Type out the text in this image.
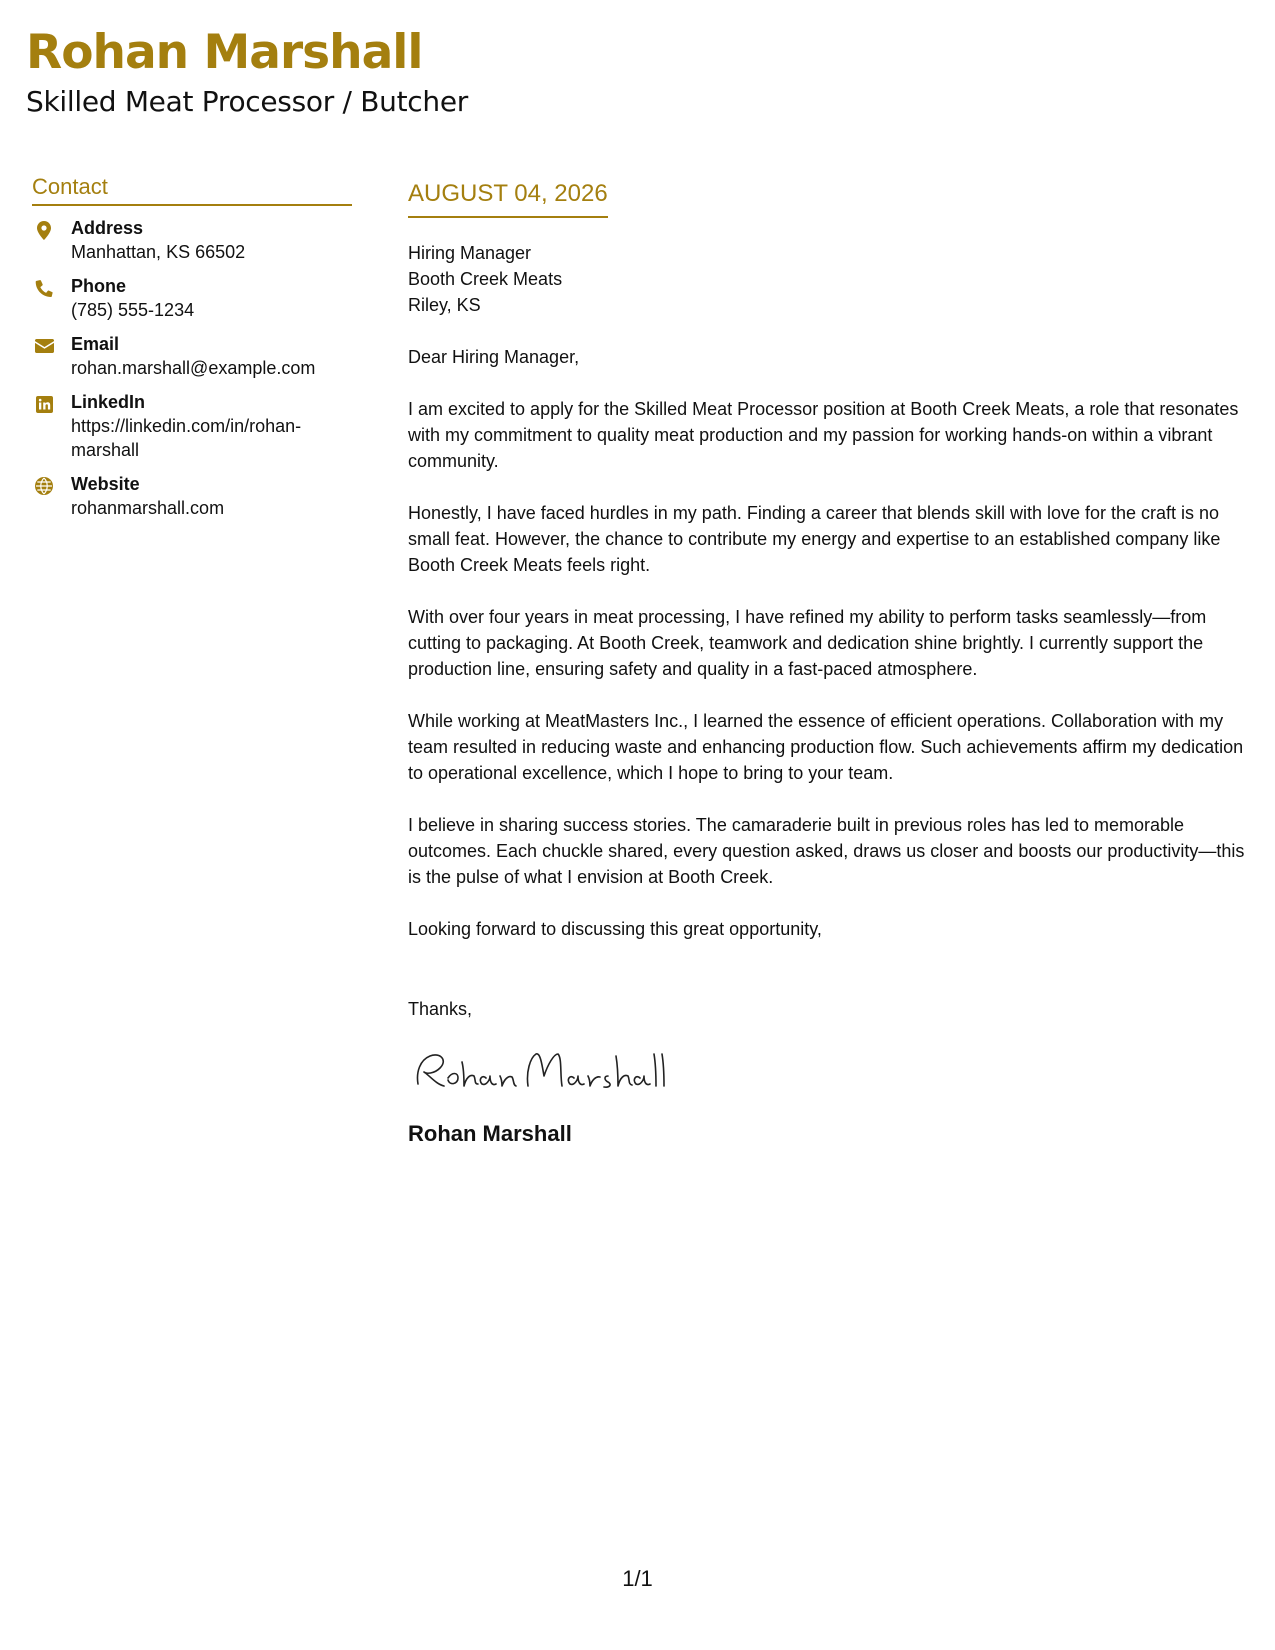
Rohan Marshall
Skilled Meat Processor / Butcher
Contact
Address
Manhattan, KS 66502
Phone
(785) 555-1234
Email
rohan.marshall@example.com
LinkedIn
https://linkedin.com/in/rohan-marshall
Website
rohanmarshall.com
AUGUST 04, 2026
Hiring Manager
Booth Creek Meats
Riley, KS
Dear Hiring Manager,

I am excited to apply for the Skilled Meat Processor position at Booth Creek Meats, a role that resonates with my commitment to quality meat production and my passion for working hands-on within a vibrant community.

Honestly, I have faced hurdles in my path. Finding a career that blends skill with love for the craft is no small feat. However, the chance to contribute my energy and expertise to an established company like Booth Creek Meats feels right.

With over four years in meat processing, I have refined my ability to perform tasks seamlessly—from cutting to packaging. At Booth Creek, teamwork and dedication shine brightly. I currently support the production line, ensuring safety and quality in a fast-paced atmosphere.

While working at MeatMasters Inc., I learned the essence of efficient operations. Collaboration with my team resulted in reducing waste and enhancing production flow. Such achievements affirm my dedication to operational excellence, which I hope to bring to your team.

I believe in sharing success stories. The camaraderie built in previous roles has led to memorable outcomes. Each chuckle shared, every question asked, draws us closer and boosts our productivity—this is the pulse of what I envision at Booth Creek.

Looking forward to discussing this great opportunity,
Thanks,
Rohan Marshall
1/1
